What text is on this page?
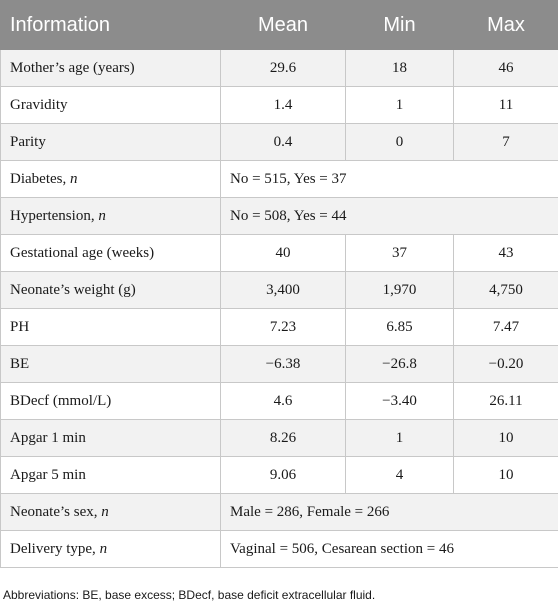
Information	Mean	Min	Max
Mother’s age (years)	29.6	18	46
Gravidity	1.4	1	11
Parity	0.4	0	7
Diabetes, n	No = 515, Yes = 37		
Hypertension, n	No = 508, Yes = 44		
Gestational age (weeks)	40	37	43
Neonate’s weight (g)	3,400	1,970	4,750
PH	7.23	6.85	7.47
BE	−6.38	−26.8	−0.20
BDecf (mmol/L)	4.6	−3.40	26.11
Apgar 1 min	8.26	1	10
Apgar 5 min	9.06	4	10
Neonate’s sex, n	Male = 286, Female = 266		
Delivery type, n	Vaginal = 506, Cesarean section = 46		

Abbreviations: BE, base excess; BDecf, base deficit extracellular fluid.
